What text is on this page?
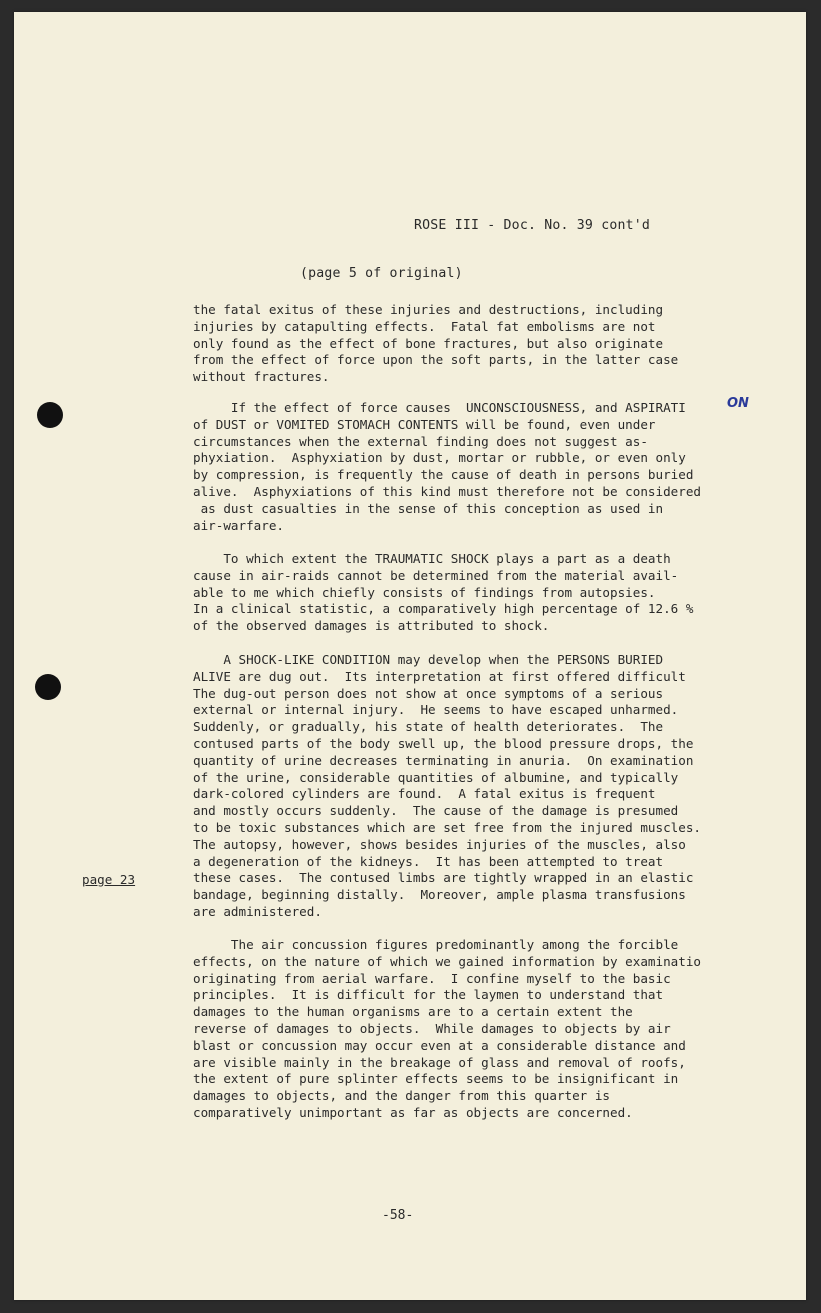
ROSE III - Doc. No. 39 cont'd
(page 5 of original)
the fatal exitus of these injuries and destructions, including
injuries by catapulting effects.  Fatal fat embolisms are not
only found as the effect of bone fractures, but also originate
from the effect of force upon the soft parts, in the latter case
without fractures.
If the effect of force causes  UNCONSCIOUSNESS, and ASPIRATI
of DUST or VOMITED STOMACH CONTENTS will be found, even under
circumstances when the external finding does not suggest as-
phyxiation.  Asphyxiation by dust, mortar or rubble, or even only
by compression, is frequently the cause of death in persons buried
alive.  Asphyxiations of this kind must therefore not be considered
as dust casualties in the sense of this conception as used in
air-warfare.
To which extent the TRAUMATIC SHOCK plays a part as a death
cause in air-raids cannot be determined from the material avail-
able to me which chiefly consists of findings from autopsies.
In a clinical statistic, a comparatively high percentage of 12.6 %
of the observed damages is attributed to shock.
A SHOCK-LIKE CONDITION may develop when the PERSONS BURIED
ALIVE are dug out.  Its interpretation at first offered difficult
The dug-out person does not show at once symptoms of a serious
external or internal injury.  He seems to have escaped unharmed.
Suddenly, or gradually, his state of health deteriorates.  The
contused parts of the body swell up, the blood pressure drops, the
quantity of urine decreases terminating in anuria.  On examination
of the urine, considerable quantities of albumine, and typically
dark-colored cylinders are found.  A fatal exitus is frequent
and mostly occurs suddenly.  The cause of the damage is presumed
to be toxic substances which are set free from the injured muscles.
The autopsy, however, shows besides injuries of the muscles, also
a degeneration of the kidneys.  It has been attempted to treat
these cases.  The contused limbs are tightly wrapped in an elastic
bandage, beginning distally.  Moreover, ample plasma transfusions
are administered.
The air concussion figures predominantly among the forcible
effects, on the nature of which we gained information by examinatio
originating from aerial warfare.  I confine myself to the basic
principles.  It is difficult for the laymen to understand that
damages to the human organisms are to a certain extent the
reverse of damages to objects.  While damages to objects by air
blast or concussion may occur even at a considerable distance and
are visible mainly in the breakage of glass and removal of roofs,
the extent of pure splinter effects seems to be insignificant in
damages to objects, and the danger from this quarter is
comparatively unimportant as far as objects are concerned.
ON
page 23
-58-
